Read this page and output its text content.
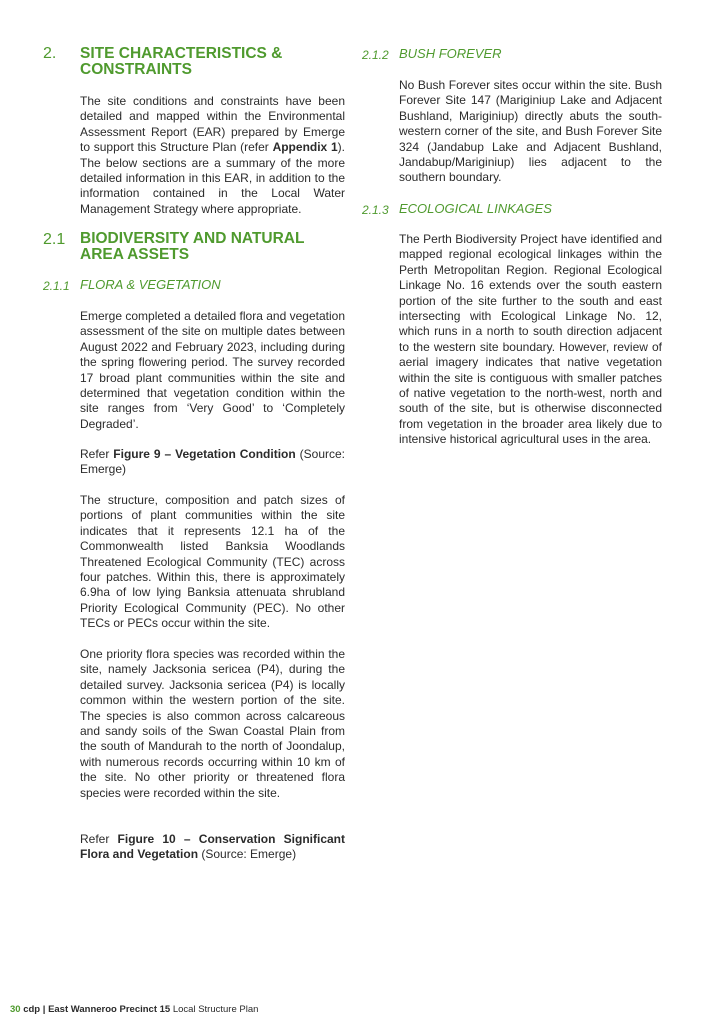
2. SITE CHARACTERISTICS & CONSTRAINTS
The site conditions and constraints have been detailed and mapped within the Environmental Assessment Report (EAR) prepared by Emerge to support this Structure Plan (refer Appendix 1). The below sections are a summary of the more detailed information in this EAR, in addition to the information contained in the Local Water Management Strategy where appropriate.
2.1 BIODIVERSITY AND NATURAL AREA ASSETS
2.1.1 FLORA & VEGETATION
Emerge completed a detailed flora and vegetation assessment of the site on multiple dates between August 2022 and February 2023, including during the spring flowering period. The survey recorded 17 broad plant communities within the site and determined that vegetation condition within the site ranges from ‘Very Good’ to ‘Completely Degraded’.
Refer Figure 9 – Vegetation Condition (Source: Emerge)
The structure, composition and patch sizes of portions of plant communities within the site indicates that it represents 12.1 ha of the Commonwealth listed Banksia Woodlands Threatened Ecological Community (TEC) across four patches. Within this, there is approximately 6.9ha of low lying Banksia attenuata shrubland Priority Ecological Community (PEC). No other TECs or PECs occur within the site.
One priority flora species was recorded within the site, namely Jacksonia sericea (P4), during the detailed survey. Jacksonia sericea (P4) is locally common within the western portion of the site. The species is also common across calcareous and sandy soils of the Swan Coastal Plain from the south of Mandurah to the north of Joondalup, with numerous records occurring within 10 km of the site. No other priority or threatened flora species were recorded within the site.
Refer Figure 10 – Conservation Significant Flora and Vegetation (Source: Emerge)
2.1.2 BUSH FOREVER
No Bush Forever sites occur within the site. Bush Forever Site 147 (Mariginiup Lake and Adjacent Bushland, Mariginiup) directly abuts the south-western corner of the site, and Bush Forever Site 324 (Jandabup Lake and Adjacent Bushland, Jandabup/Mariginiup) lies adjacent to the southern boundary.
2.1.3 ECOLOGICAL LINKAGES
The Perth Biodiversity Project have identified and mapped regional ecological linkages within the Perth Metropolitan Region. Regional Ecological Linkage No. 16 extends over the south eastern portion of the site further to the south and east intersecting with Ecological Linkage No. 12, which runs in a north to south direction adjacent to the western site boundary. However, review of aerial imagery indicates that native vegetation within the site is contiguous with smaller patches of native vegetation to the north-west, north and south of the site, but is otherwise disconnected from vegetation in the broader area likely due to intensive historical agricultural uses in the area.
30 cdp | East Wanneroo Precinct 15 Local Structure Plan
